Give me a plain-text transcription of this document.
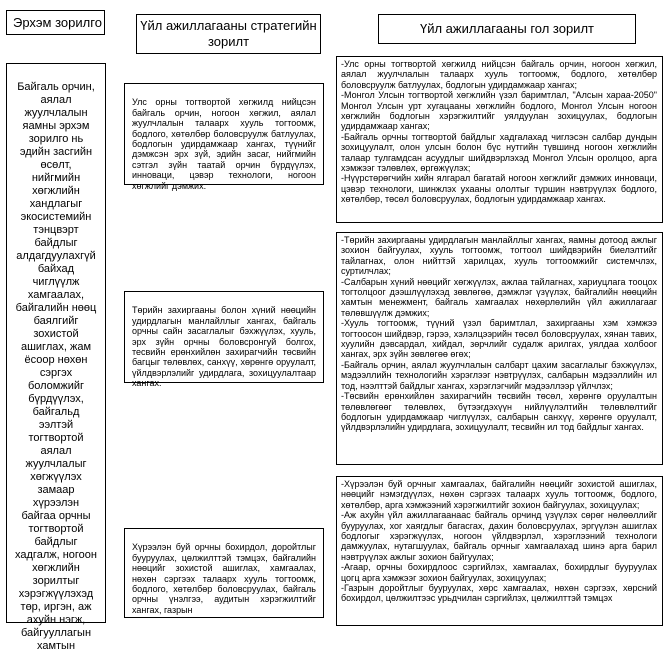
Эрхэм зорилго	Үйл ажиллагааны стратегийн зорилт
Үйл ажиллагааны гол зорилт

Байгаль орчин,
аялал
жуулчлалын
яамны эрхэм
зорилго нь
эдийн засгийн
өсөлт,
нийгмийн
хөгжлийн
хандлагыг
экосистемийн
тэнцвэрт
байдлыг
алдагдуулахгүй
байхад
чиглүүлж
хамгаалах,
байгалийн нөөц
баялгийг
зохистой
ашиглах, жам
ёсоор нөхөн
сэргэх
боломжийг
бүрдүүлэх,
байгальд
ээлтэй
тогтвортой
аялал
жуулчлалыг
хөгжүүлэх
замаар
хүрээлэн
байгаа орчны
тогтвортой
байдлыг
хадгалж, ногоон
хөгжлийн
зорилтыг
хэрэгжүүлэхэд
төр, иргэн, аж
ахуйн нэгж,
байгууллагын
хамтын

Улс орны тогтвортой хөгжилд нийцсэн байгаль орчин, ногоон хөгжил, аялал жуулчлалын талаарх хууль тогтоомж, бодлого, хөтөлбөр боловсруулж батлуулах, бодлогын удирдамжаар хангах, түүнийг дэмжсэн эрх зүй, эдийн засаг, нийгмийн сэтгэл зүйн таатай орчин бүрдүүлэх, инноваци, цэвэр технологи, ногоон хөгжлийг дэмжих.

Төрийн захиргааны болон хүний нөөцийн удирдлагын манлайллыг хангах, байгаль орчны сайн засаглалыг бэхжүүлэх, хууль, эрх зүйн орчны боловсронгуй болгох, тесвийн ерөнхийлөн захирагчийн төсвийн багцыг төлөвлөх, санхүү, хөрөнгө оруулалт, үйлдвэрлэлийг удирдлага, зохицуулалтаар хангах.

Хүрээлэн буй орчны бохирдол, доройтлыг бууруулах, цөлжилттэй тэмцэх, байгалийн нөөцийг зохистой ашиглах, хамгаалах, нөхөн сэргээх талаарх хууль тогтоомж, бодлого, хөтөлбөр боловсруулах, байгаль орчны үнэлгээ, аудитын хэрэгжилтийг хангах, газрын

-Улс орны тогтвортой хөгжилд нийцсэн байгаль орчин, ногоон хөгжил, аялал жуулчлалын талаарх хууль тогтоомж, бодлого, хөтөлбөр боловсруулж батлуулах, бодлогын удирдамжаар хангах;

-Монгол Улсын тогтвортой хөгжлийн үзэл баримтлал, "Алсын хараа-2050" Монгол Улсын урт хугацааны хөгжлийн бодлого, Монгол Улсын ногоон хөгжлийн бодлогын хэрэгжилтийг уялдуулан зохицуулах, бодлогын удирдамжаар хангах;

-Байгаль орчны тогтвортой байдлыг хадгалахад чиглэсэн салбар дундын зохицуулалт, олон улсын болон бүс нутгийн түвшинд ногоон хөгжлийн талаар тулгамдсан асуудлыг шийдвэрлэхэд Монгол Улсын оролцоо, арга хэмжээг тэлөвлөх, өргөжүүлэх;

-Нүүрстөрөгчийн хийн ялгарал багатай ногоон хөгжлийг дэмжих инноваци, цэвэр технологи, шинжлэх ухааны ололтыг түршин нэвтрүүлэх бодлого, хөтөлбөр, төсөл боловсруулах, бодлогын удирдамжаар хангах.

-Төрийн захиргааны удирдлагын манлайллыг хангах, яамны дотоод ажлыг зохион байгуулах, хууль тогтоомж, тогтоол шийдвэрийн биелэлтийг тайлагнах, олон нийттэй харилцах, хууль тогтоомжийг системчлэх, суртилчлах;

-Салбарын хүний нөөцийг хөгжүүлэх, ажлаа тайлагнах, хариуцлага тооцох тогтолцоог дээшлүүлэхэд зөвлөгөө, дэмжлэг үзүүлэх, байгалийн нөөцийн хамтын менежмент, байгаль хамгаалах нөхөрлөлийн үйл ажиллагааг төлөвшүүлж дэмжих;

-Хууль тогтоомж, түүний үзэл баримтлал, захиргааны хэм хэмжээ тогтоосон шийдвэр, гэрээ, хэлэлцээрийн төсөл боловсруулах, хянан тавих, хуулийн дэвсардал, хийдал, зөрчлийг судалж арилгах, уялдаа холбоог хангах, эрх зүйн зөвлөгөө өгөх;

-Байгаль орчин, аялал жуулчлалын салбарт цахим засаглалыг бэхжүүлэх, мэдээллийн технологийн хэрэглээг нэвтрүүлэх, салбарын мэдээллийн ил тод, нээлттэй байдлыг хангах, хэрэглэгчийг мэдээллээр үйлчлэх;

-Төсвийн ерөнхийлөн захирагчийн төсвийн төсөл, хөрөнгө оруулалтын төлөвлөгөөг төлөвлөх, бүтээгдэхүүн нийлүүлэлтийн төлөвлөлтийг бодлогын удирдамжаар чиглүүлэх, салбарын санхүү, хөрөнгө оруулалт, үйлдвэрлэлийн удирдлага, зохицуулалт, тесвийн ил тод байдлыг хангах.

-Хүрээлэн буй орчныг хамгаалах, байгалийн нөөцийг зохистой ашиглах, нөөцийг нэмэгдүүлэх, нөхөн сэргээх талаарх хууль тогтоомж, бодлого, хөтөлбөр, арга хэмжээний хэрэгжилтийг зохион байгуулах, зохицуулах;

-Аж ахуйн үйл ажиллагаанаас байгаль орчинд үзүүлэх сөрөг нөлөөллийг бууруулах, хог хаягдлыг багасгах, дахин боловсруулах, эргүүлэн ашиглах бодлогыг хэрэгжүүлэх, ногоон үйлдвэрлэл, хэрэглээний технологи дамжуулах, нутагшуулах, байгаль орчныг хамгаалахад шинэ арга барил нэвтрүүлэх ажлыг зохион байгуулах;

-Агаар, орчны бохирдлоос сэргийлэх, хамгаалах, бохирдлыг бууруулах цогц арга хэмжээг зохион байгуулах, зохицуулах;

-Газрын доройтлыг бууруулах, хөрс хамгаалах, нөхөн сэргээх, хөрсний бохирдол, цөлжилтээс урьдчилан сэргийлэх, цөлжилттэй тэмцэх
